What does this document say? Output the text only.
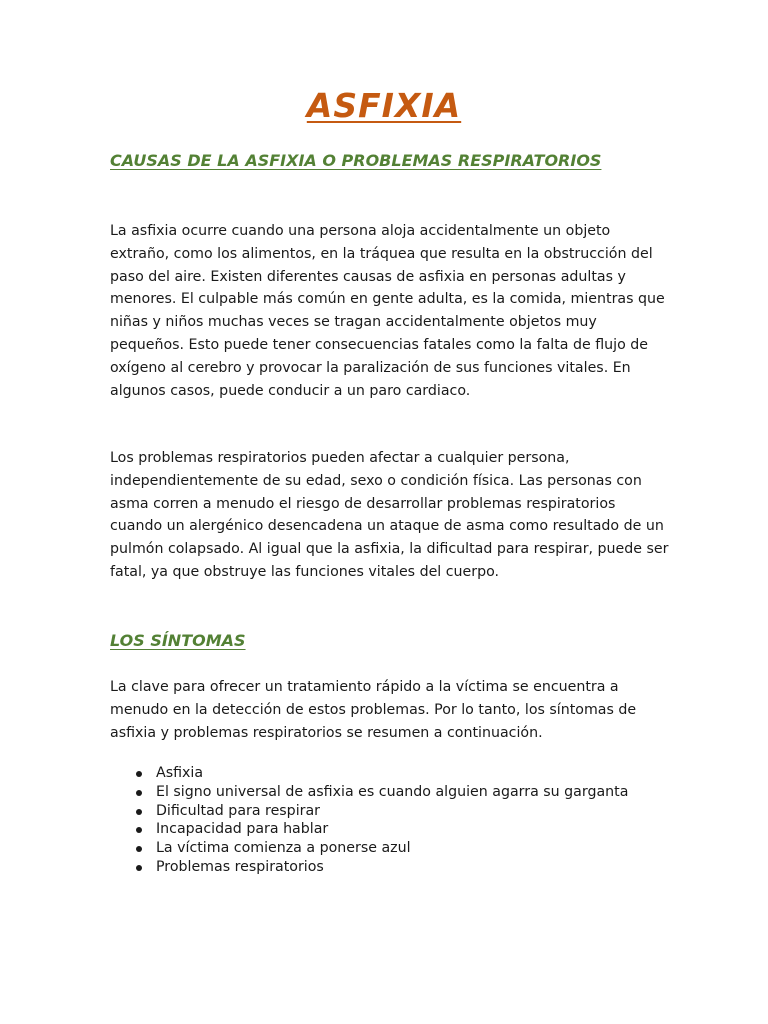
ASFIXIA
CAUSAS DE LA ASFIXIA O PROBLEMAS RESPIRATORIOS

La asfixia ocurre cuando una persona aloja accidentalmente un objeto extraño, como los alimentos, en la tráquea que resulta en la obstrucción del paso del aire. Existen diferentes causas de asfixia en personas adultas y menores. El culpable más común en gente adulta, es la comida, mientras que niñas y niños muchas veces se tragan accidentalmente objetos muy pequeños. Esto puede tener consecuencias fatales como la falta de flujo de oxígeno al cerebro y provocar la paralización de sus funciones vitales. En algunos casos, puede conducir a un paro cardiaco.

Los problemas respiratorios pueden afectar a cualquier persona, independientemente de su edad, sexo o condición física. Las personas con asma corren a menudo el riesgo de desarrollar problemas respiratorios cuando un alergénico desencadena un ataque de asma como resultado de un pulmón colapsado. Al igual que la asfixia, la dificultad para respirar, puede ser fatal, ya que obstruye las funciones vitales del cuerpo.

LOS SÍNTOMAS

La clave para ofrecer un tratamiento rápido a la víctima se encuentra a menudo en la detección de estos problemas. Por lo tanto, los síntomas de asfixia y problemas respiratorios se resumen a continuación.

Asfixia
El signo universal de asfixia es cuando alguien agarra su garganta
Dificultad para respirar
Incapacidad para hablar
La víctima comienza a ponerse azul
Problemas respiratorios
